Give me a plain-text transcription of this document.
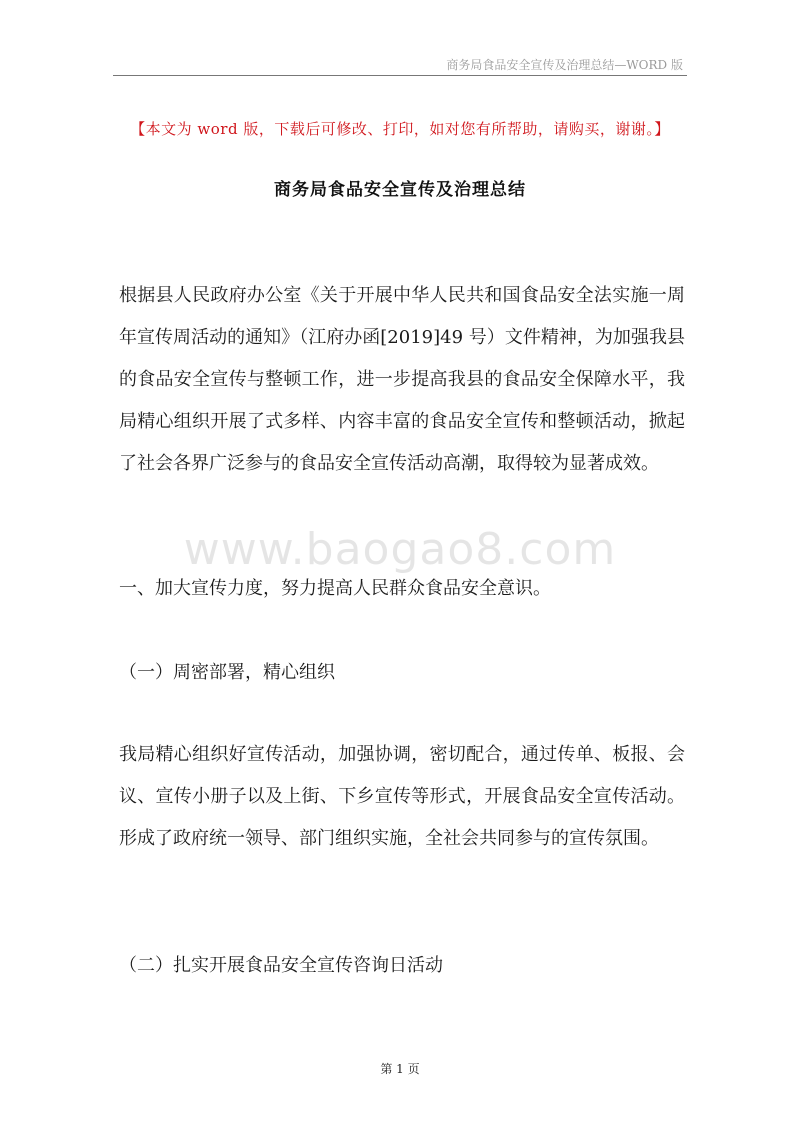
商务局食品安全宣传及治理总结—WORD 版
【本文为 word 版，下载后可修改、打印，如对您有所帮助，请购买，谢谢。】
商务局食品安全宣传及治理总结
根据县人民政府办公室《关于开展中华人民共和国食品安全法实施一周年宣传周活动的通知》（江府办函[2019]49 号）文件精神，为加强我县的食品安全宣传与整顿工作，进一步提高我县的食品安全保障水平，我局精心组织开展了式多样、内容丰富的食品安全宣传和整顿活动，掀起了社会各界广泛参与的食品安全宣传活动高潮，取得较为显著成效。
www.baogao8.com
一、加大宣传力度，努力提高人民群众食品安全意识。
（一）周密部署，精心组织
我局精心组织好宣传活动，加强协调，密切配合，通过传单、板报、会议、宣传小册子以及上街、下乡宣传等形式，开展食品安全宣传活动。形成了政府统一领导、部门组织实施，全社会共同参与的宣传氛围。
（二）扎实开展食品安全宣传咨询日活动
第 1 页
